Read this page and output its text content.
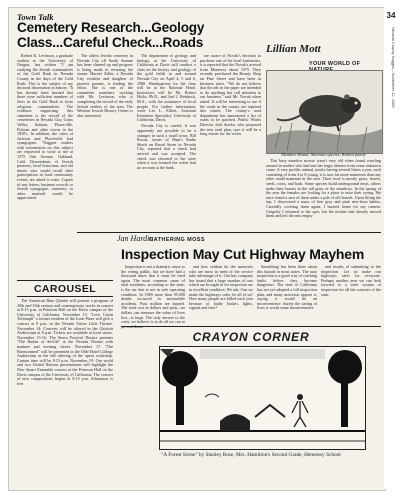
Town Talk
Cemetery Research...Geology
Class...Careful Check...Roads

Robert K. Levinson, a graduate student at the University of Oregon, has written "I am studying the Jewish communities of the Gold Rush in Nevada County in the days of the Gold Rush. This is the subject of my doctoral dissertation in history. "It has already been learned that there were sufficient numbers of Jews in the Gold Rush to form religious communities. The evidence supporting this statement is the record of the cemeteries in Nevada City, Grass Valley, Auburn, Placerville, Folsom and other towns in the 1850's. In addition, the cities of Jackson and Placerville had synagogues. "Suggest readers with information on this subject are requested to write to me at 1375 Oak Avenue, Oakland, Calif. Descendants of Jewish pioneers, local historians, and old timers who would recall their participation in local community events, are asked to write. Copies of any letters, business records or Jewish synagogue, cemetery, or other material would be appreciated.

The oldest Jewish cemetery in Nevada City off South Avenue has been cleaned up and progress is being made in restoring the stones. Harriet Zeller, a Nevada City resident and daughter of pioneer parents, is leading the effort. She is one of the committee members working with Mr. Levinson, who is completing the record of the early Jewish settlers of the area. The Western Jewish History Center is also interested.

The department of geology and biology at the University of California at Davis will conduct a class on the history and geology of the gold fields in and around Nevada City on April 4, 5 and 6, 1980. Headquarters for the class will be at the National Hotel. Instructors will be Mr. Robert Hicks, Ph.D., and Joel J. Reisbeck, M.A., with the assistance of local people. For further information, write Lee L. Elliott, Assistant Extension Specialist, University of California, Davis.

Nevada City is careful. It was apparently not possible to be a stranger in such a small town. Bill Roxas, owner of Hunt's Radio Shack on Broad Street in Nevada City, reported that a check had arrived and was accepted. The check was returned to the store when it was learned the writer had no account at the bank.

are aware of Novak's decision to purchase one of the local businesses, it is reported that the Novak's arrived from Monterey about 1975. They recently purchased the Beauty Shop on Pine Street and have been in business since. "We do not believe that the ads in the paper are intended to do anything but call attention to our business," said Mr. Novak when asked. It will be interesting to see if the roads in the county are repaired this winter. The county's road department has announced a list of roads to be patched. Public Works Director Jack Stasko, who proposed the new road plan, says it will be a long winter for the crews.

Lillian Mott
YOUR WORLD OF
Meadow Mouse, Microtus species, Rodent family

This busy meadow mouse wasn't very old when found crawling around in mother who had met her tragic demise from some unknown cause. A very prolific animal, nearly having several litters a year, each consisting of from 4 to 8 young, it is now far more numerous than any other small mammal in the area. Their food is mostly grass, leaves, seeds, roots, and bark. Some species build underground nests, others make their homes in the tall grass of the meadows. In the spring of the year the females are looking for a place to raise their young. We once found a nest of them under a pile of old boards. Upon lifting the top, I discovered a mass of fine gray and pink new-born babies. Carefully covering them again, I hurried home for my camera. Gingerly I returned to the spot, but the mother had already moved them and left the nest empty.

Jan Hardin
GATHERING MOSS
Inspection May Cut Highway Mayhem

Inspection is not a dramatic cause to the voting public, but we have had a thousand times that it must be tried again. The most common cause of fatal accidents, according to the state, is the car that is not in safe operating condition. In 1969 more than 95,000 deaths occurred in automobile accidents. Four million are injured. The total cost in dollars and pain—no dollars can measure the value of lives lost—is huge. The only answer to the costs, we believe, is to do all we can to

and how seldom do the motorists who are most in need of the service take advantage of it. Our bus company has found that a large number of cars which are brought in for inspection are in excellent condition. We ask: Can we make the highways safer for all of us? How many people are killed each year because of faulty brakes, lights, signals and tires?

Something has been done about this hazard in most states. The auto inspection is a good way of catching faults before they become dangerous. The state of California has not yet adopted a full inspection plan, and many motorists oppose it, saying it would be an inconvenience. Surely the saving of lives is worth some inconvenience.

and results of submitting to the inspection. Let us make our highways safer for everyone. Perhaps another year we can look forward to a safer system of inspection for all the counties of the state.

CAROUSEL

The American Bass Quintet will present a program of 20th and 16th century and contemporary works in concert at 8:15 p.m. in Peterson Hall on the Davis campus of the University of California. November 13: "Love Cityin Tofiomph" a former resident of the Lone Pines will give a concert at 8 p.m. in the Nevada Union Little Theatre. November 14: Concerts will be offered in the Ghidotti Auditorium at 8 p.m. Tickets are available at local stores. November 15-16: The Sierra Festival Theatre presents "The Barber of Seville" at the Nevada Theatre with matinee and evening shows. November 17: "The Barnstormed" will be presented in the Olde Hotel College Auditorium as the fall offering of the opera workshop. Curtain time will be 8:15 p.m. November 19: Our world and two United Nations presentations will highlight the New Smart Ensemble concert at the Peterson Hall on the Davis campus of the University of California. The concert of new compositions begins at 8:15 p.m. Admission is free.

CRAYON CORNER
"A Forest Scene" by Stanley Rose, Mrs. Hamilton's Second Grade, Hennessy School
34
Nevada County Nugget—November 12, 1980
